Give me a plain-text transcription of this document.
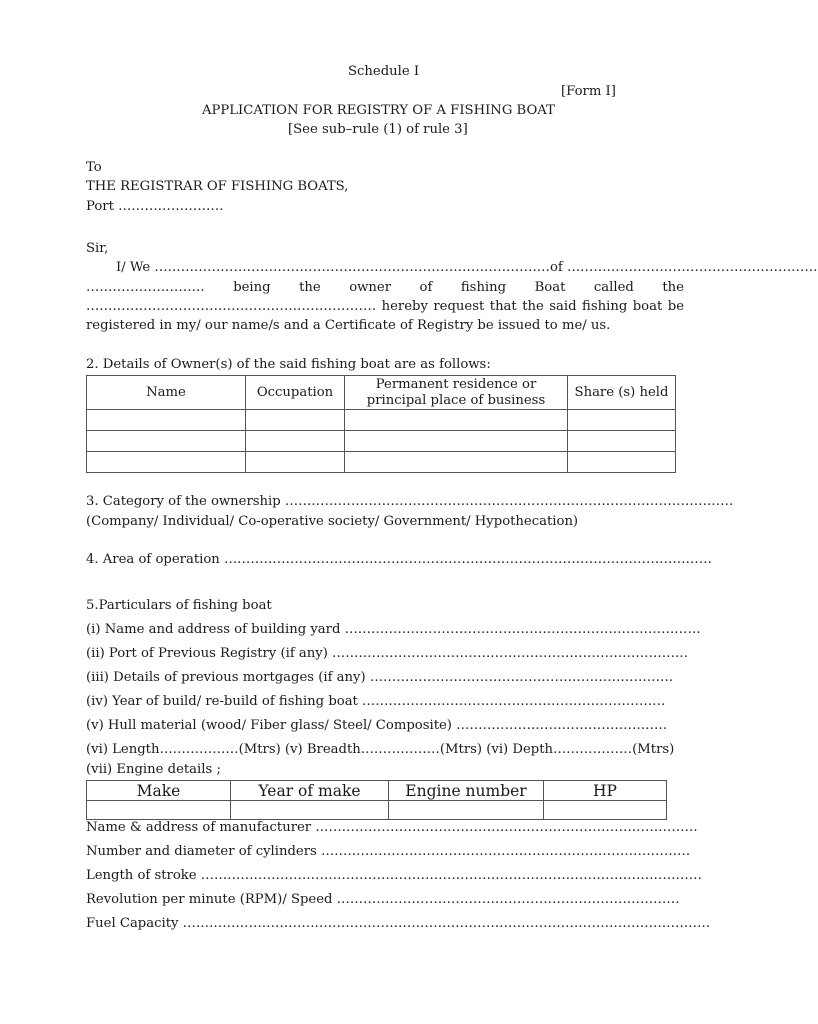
Schedule I
[Form I]
APPLICATION FOR REGISTRY OF A FISHING BOAT
[See sub–rule (1) of rule 3]
To
THE REGISTRAR OF FISHING BOATS,
Port ……………………
Sir,
I/ We ………………………………………………………………………………of …………………………………………………
……………………… being the owner of fishing Boat called the
………………………………………………………… hereby request that the said fishing boat be
registered in my/ our name/s and a Certificate of Registry be issued to me/ us.
2. Details of Owner(s) of the said fishing boat are as follows:
Name	Occupation	Permanent residence or
principal place of business	Share (s) held

3. Category of the ownership …………………………………………………………………………………………
(Company/ Individual/ Co-operative society/ Government/ Hypothecation)
4. Area of operation …………………………………………………………………………………………………
5.Particulars of fishing boat
(i) Name and address of building yard ………………………………………………………………………
(ii) Port of Previous Registry (if any) ………………………………………………………………………
(iii) Details of previous mortgages (if any) ……………………………………………………………
(iv) Year of build/ re-build of fishing boat ……………………………………………………………
(v) Hull material (wood/ Fiber glass/ Steel/ Composite) …………………………………………
(vi) Length………………(Mtrs) (v) Breadth………………(Mtrs) (vi) Depth………………(Mtrs)
(vii) Engine details ;
Make	Year of make	Engine number	HP

Name & address of manufacturer ……………………………………………………………………………
Number and diameter of cylinders …………………………………………………………………………
Length of stroke ……………………………………………………………………………………………………
Revolution per minute (RPM)/ Speed ……………………………………………………………………
Fuel Capacity …………………………………………………………………………………………………………
